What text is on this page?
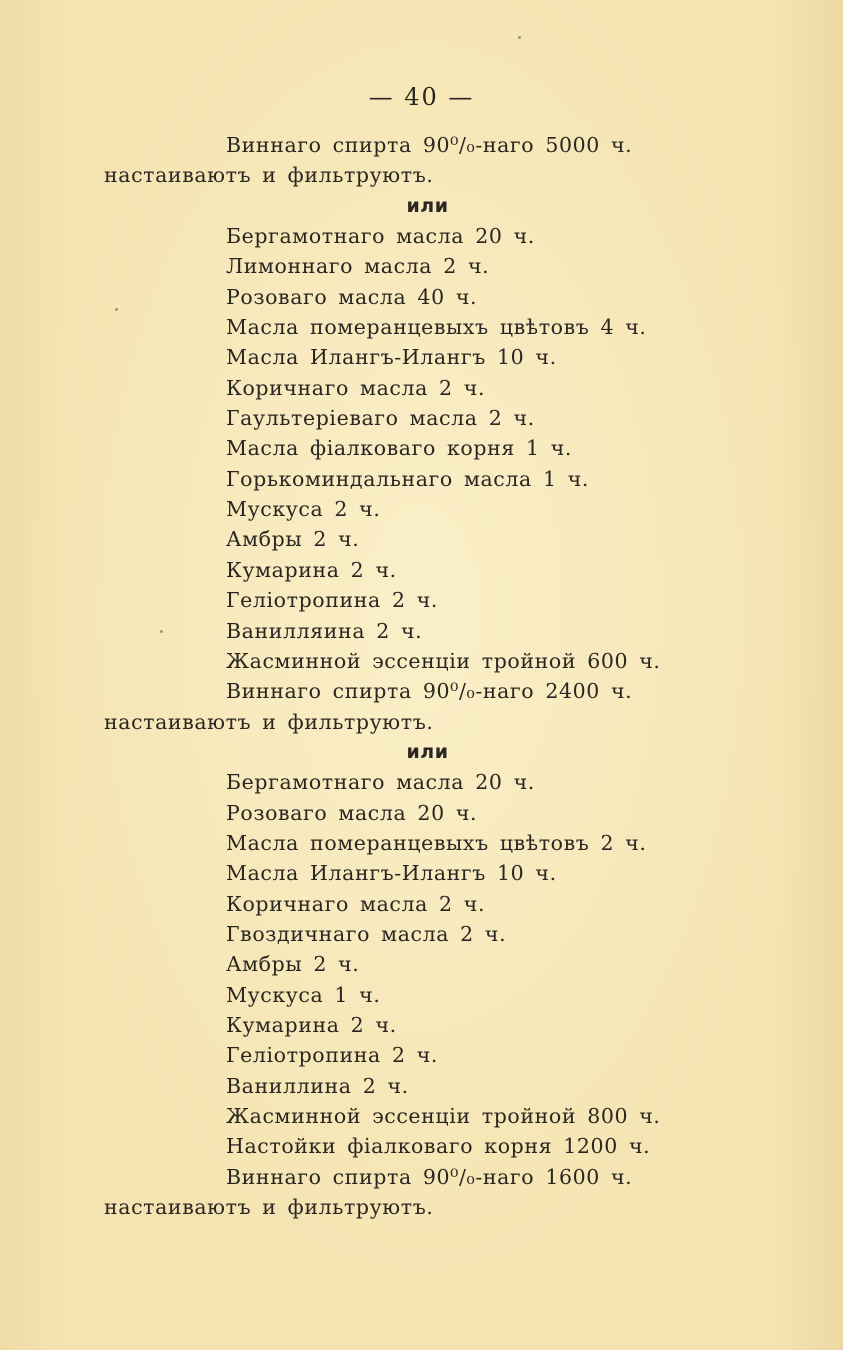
— 40 —
Виннаго спирта 90⁰/₀-наго 5000 ч.
настаиваютъ и фильтруютъ.
или
Бергамотнаго масла 20 ч.
Лимоннаго масла 2 ч.
Розоваго масла 40 ч.
Масла померанцевыхъ цвѣтовъ 4 ч.
Масла Илангъ-Илангъ 10 ч.
Коричнаго масла 2 ч.
Гаультеріеваго масла 2 ч.
Масла фіалковаго корня 1 ч.
Горькоминдальнаго масла 1 ч.
Мускуса 2 ч.
Амбры 2 ч.
Кумарина 2 ч.
Геліотропина 2 ч.
Ванилляина 2 ч.
Жасминной эссенціи тройной 600 ч.
Виннаго спирта 90⁰/₀-наго 2400 ч.
настаиваютъ и фильтруютъ.
или
Бергамотнаго масла 20 ч.
Розоваго масла 20 ч.
Масла померанцевыхъ цвѣтовъ 2 ч.
Масла Илангъ-Илангъ 10 ч.
Коричнаго масла 2 ч.
Гвоздичнаго масла 2 ч.
Амбры 2 ч.
Мускуса 1 ч.
Кумарина 2 ч.
Геліотропина 2 ч.
Ваниллина 2 ч.
Жасминной эссенціи тройной 800 ч.
Настойки фіалковаго корня 1200 ч.
Виннаго спирта 90⁰/₀-наго 1600 ч.
настаиваютъ и фильтруютъ.
